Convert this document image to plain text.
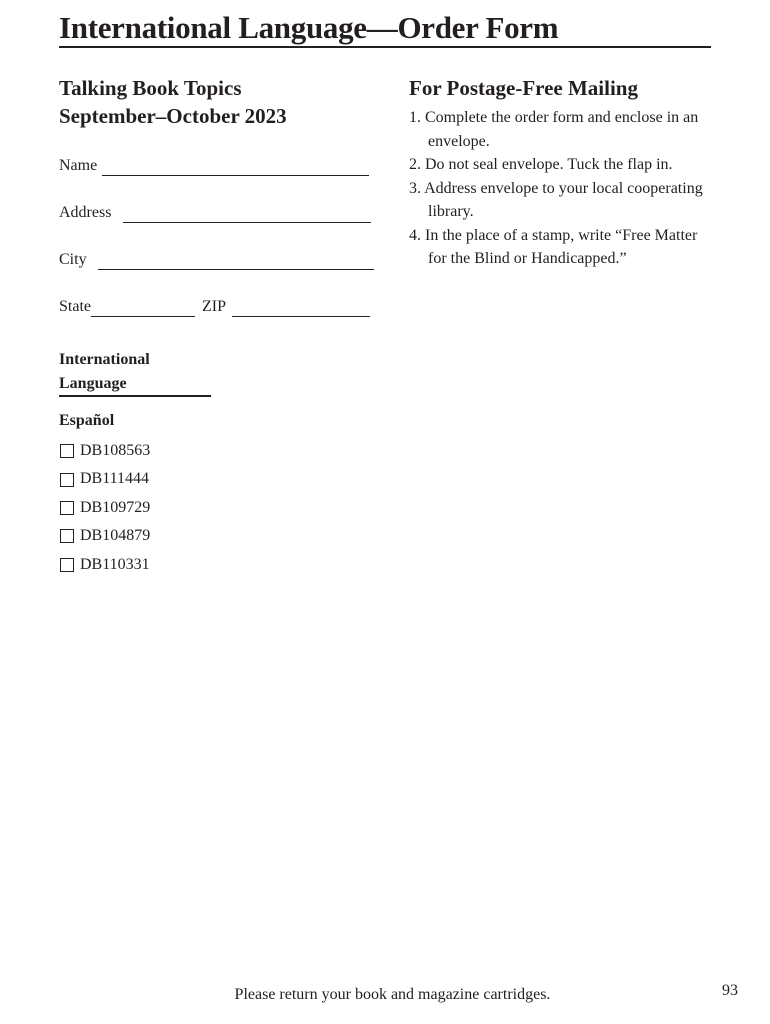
International Language—Order Form

Talking Book Topics

September–October 2023

Name
Address
City
State	ZIP

For Postage-Free Mailing

1. Complete the order form and enclose in an envelope.
2. Do not seal envelope. Tuck the flap in.
3. Address envelope to your local cooperating library.
4. In the place of a stamp, write “Free Matter for the Blind or Handicapped.”
International
Language
Español
DB108563
DB111444
DB109729
DB104879
DB110331
Please return your book and magazine cartridges.	93
